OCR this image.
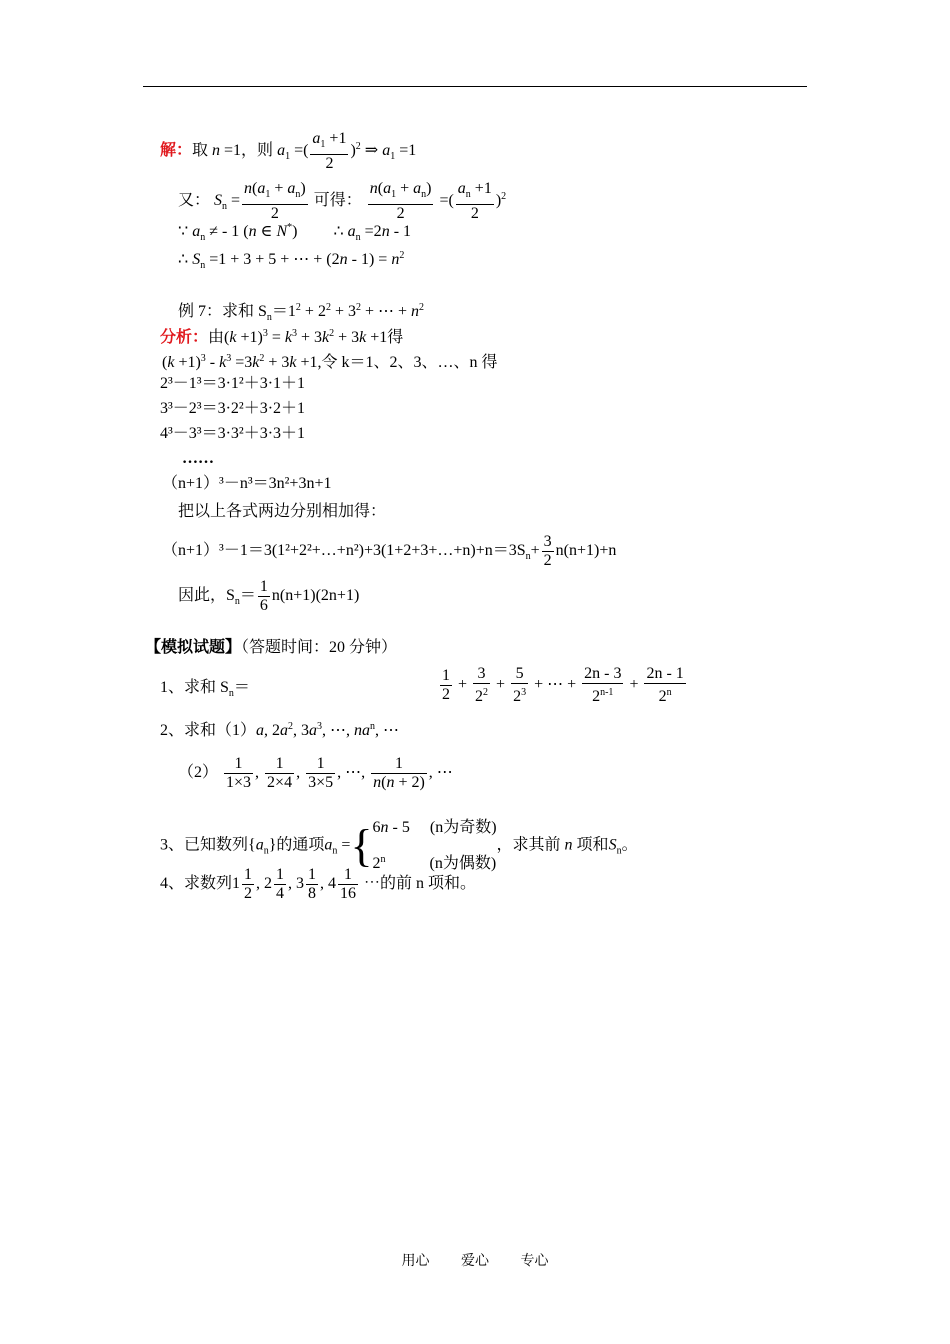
解：取 n =1，则 $a_1$ =( $\frac{a_1 +1}{2} )^2$ ⇒ $a_1 =1$
又： $S_n = \frac{n(a_1 + a_n)}{2}$ 可得： $\frac{n(a_1 + a_n)}{2}$ =( $\frac{a_n +1}{2} )^2$
∵ $a_n$ ≠ - 1 (n ∈ N*)         ∴ $a_n =2n - 1$
∴ $S_n =1 + 3 + 5$ + ⋯ + $(2n - 1) = n^2$
例 7：求和 $S_n=1^2 + 2^2 + 3^2$ + ⋯ + $n^2$
分析：由$(k +1)^3 = k^3 + 3k^2 + 3k +1$得
$(k +1)^3 - k^3 =3k^2 + 3k +1$,令 k＝1、2、3、…、n 得
2³－1³＝3·1²＋3·1＋1
3³－2³＝3·2²＋3·2＋1
4³－3³＝3·3²＋3·3＋1
……
（n+1）³－n³＝3n²+3n+1
把以上各式两边分别相加得：
$(n+1)^3-1=3(1^2+2^2+\dots+n^2)+3(1+2+3+\dots+n)+n=3S_n+ \frac{3}{2} n(n+1)+n$
因此，$S_n= \frac{1}{6} n(n+1)(2n+1)$
【模拟试题】（答题时间：20 分钟）
1、求和 $S_n=$	$\frac{1}{2} + \frac{3}{2^2} + \frac{5}{2^3}$ + ⋯ + $\frac{2n - 3}{2^{n-1}} + \frac{2n - 1}{2^n}$
2、求和（1）a, $2a^2$, $3a^3$, ⋯, $na^n$, ⋯
$(2) \frac{1}{1\times 3}$ , $\frac{1}{2\times 4}$ , $\frac{1}{3\times 5}$ , ⋯, $\frac{1}{n(n + 2)}$ , ⋯
3、已知数列$\{a_n\}$的通项$a_n$ ={ 6n - 5     (n为奇数)
2$^n$	(n为偶数)
，求其前 n 项和$S_n$。
4、求数列$1 \frac{1}{2}$ , $2 \frac{1}{4}$ , $3 \frac{1}{8}$ , $4 \frac{1}{16}$ ⋯的前 n 项和。
用心 爱心 专心
